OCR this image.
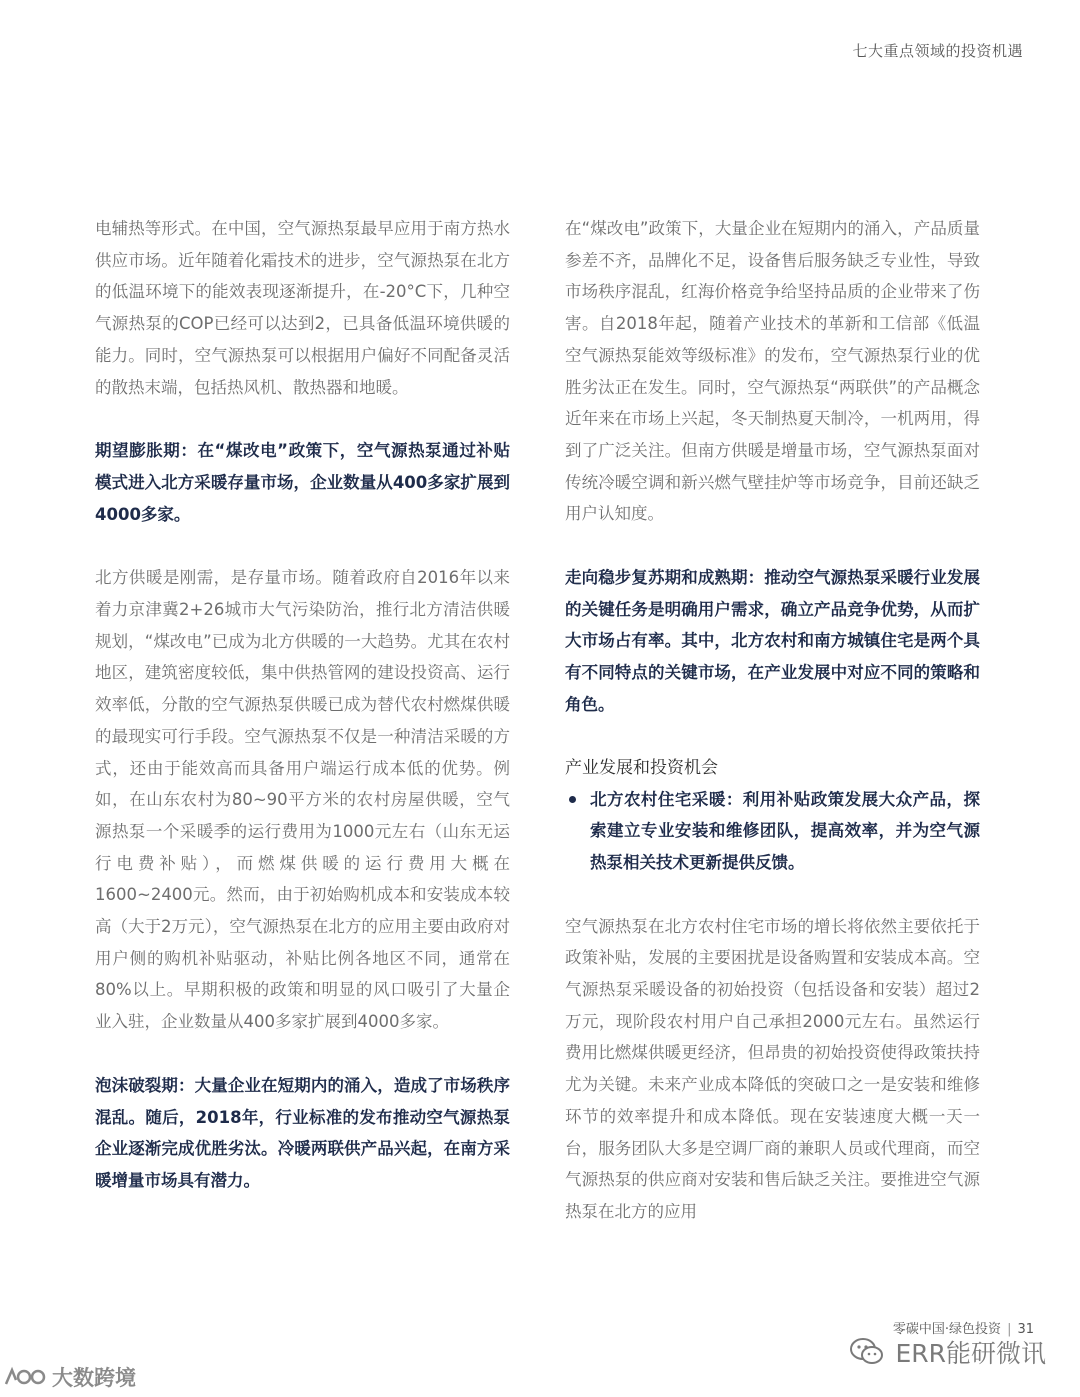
七大重点领域的投资机遇

电辅热等形式。在中国，空气源热泵最早应用于南方热水供应市场。近年随着化霜技术的进步，空气源热泵在北方的低温环境下的能效表现逐渐提升，在-20°C下，几种空气源热泵的COP已经可以达到2，已具备低温环境供暖的能力。同时，空气源热泵可以根据用户偏好不同配备灵活的散热末端，包括热风机、散热器和地暖。

期望膨胀期：在“煤改电”政策下，空气源热泵通过补贴模式进入北方采暖存量市场，企业数量从400多家扩展到4000多家。

北方供暖是刚需，是存量市场。随着政府自2016年以来着力京津冀2+26城市大气污染防治，推行北方清洁供暖规划，“煤改电”已成为北方供暖的一大趋势。尤其在农村地区，建筑密度较低，集中供热管网的建设投资高、运行效率低，分散的空气源热泵供暖已成为替代农村燃煤供暖的最现实可行手段。空气源热泵不仅是一种清洁采暖的方式，还由于能效高而具备用户端运行成本低的优势。例如，在山东农村为80~90平方米的农村房屋供暖，空气源热泵一个采暖季的运行费用为1000元左右（山东无运行电费补贴），而燃煤供暖的运行费用大概在1600~2400元。然而，由于初始购机成本和安装成本较高（大于2万元），空气源热泵在北方的应用主要由政府对用户侧的购机补贴驱动，补贴比例各地区不同，通常在80%以上。早期积极的政策和明显的风口吸引了大量企业入驻，企业数量从400多家扩展到4000多家。

泡沫破裂期：大量企业在短期内的涌入，造成了市场秩序混乱。随后，2018年，行业标准的发布推动空气源热泵企业逐渐完成优胜劣汰。冷暖两联供产品兴起，在南方采暖增量市场具有潜力。

在“煤改电”政策下，大量企业在短期内的涌入，产品质量参差不齐，品牌化不足，设备售后服务缺乏专业性，导致市场秩序混乱，红海价格竞争给坚持品质的企业带来了伤害。自2018年起，随着产业技术的革新和工信部《低温空气源热泵能效等级标准》的发布，空气源热泵行业的优胜劣汰正在发生。同时，空气源热泵“两联供”的产品概念近年来在市场上兴起，冬天制热夏天制冷，一机两用，得到了广泛关注。但南方供暖是增量市场，空气源热泵面对传统冷暖空调和新兴燃气壁挂炉等市场竞争，目前还缺乏用户认知度。

走向稳步复苏期和成熟期：推动空气源热泵采暖行业发展的关键任务是明确用户需求，确立产品竞争优势，从而扩大市场占有率。其中，北方农村和南方城镇住宅是两个具有不同特点的关键市场，在产业发展中对应不同的策略和角色。

产业发展和投资机会

北方农村住宅采暖：利用补贴政策发展大众产品，探索建立专业安装和维修团队，提高效率，并为空气源热泵相关技术更新提供反馈。

空气源热泵在北方农村住宅市场的增长将依然主要依托于政策补贴，发展的主要困扰是设备购置和安装成本高。空气源热泵采暖设备的初始投资（包括设备和安装）超过2万元，现阶段农村用户自己承担2000元左右。虽然运行费用比燃煤供暖更经济，但昂贵的初始投资使得政策扶持尤为关键。未来产业成本降低的突破口之一是安装和维修环节的效率提升和成本降低。现在安装速度大概一天一台，服务团队大多是空调厂商的兼职人员或代理商，而空气源热泵的供应商对安装和售后缺乏关注。要推进空气源热泵在北方的应用

零碳中国·绿色投资 | 31
ERR能研微讯
大数跨境
